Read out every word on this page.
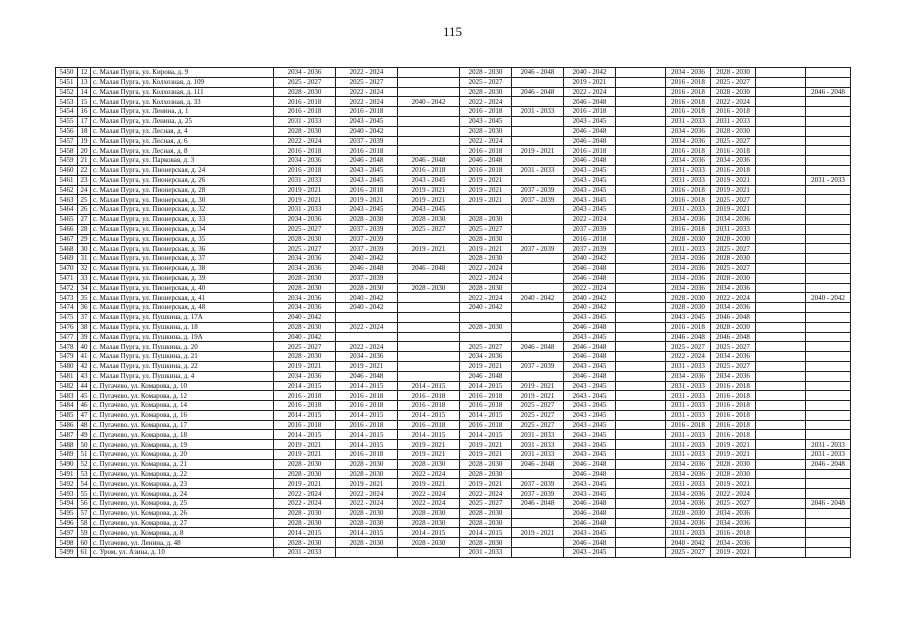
115
5450	12	с. Малая Пурга, ул. Кирова, д. 9	2034 - 2036	2022 - 2024		2028 - 2030	2046 - 2048	2040 - 2042		2034 - 2036	2028 - 2030		
5451	13	с. Малая Пурга, ул. Колхозная, д. 109	2025 - 2027	2025 - 2027		2025 - 2027		2019 - 2021		2016 - 2018	2025 - 2027		
5452	14	с. Малая Пурга, ул. Колхозная, д. 111	2028 - 2030	2022 - 2024		2028 - 2030	2046 - 2048	2022 - 2024		2016 - 2018	2028 - 2030		2046 - 2048
5453	15	с. Малая Пурга, ул. Колхозная, д. 33	2016 - 2018	2022 - 2024	2040 - 2042	2022 - 2024		2046 - 2048		2016 - 2018	2022 - 2024		
5454	16	с. Малая Пурга, ул. Ленина, д. 1	2016 - 2018	2016 - 2018		2016 - 2018	2031 - 2033	2016 - 2018		2016 - 2018	2016 - 2018		
5455	17	с. Малая Пурга, ул. Ленина, д. 25	2031 - 2033	2043 - 2045		2043 - 2045		2043 - 2045		2031 - 2033	2031 - 2033		
5456	18	с. Малая Пурга, ул. Лесная, д. 4	2028 - 2030	2040 - 2042		2028 - 2030		2046 - 2048		2034 - 2036	2028 - 2030		
5457	19	с. Малая Пурга, ул. Лесная, д. 6	2022 - 2024	2037 - 2039		2022 - 2024		2046 - 2048		2034 - 2036	2025 - 2027		
5458	20	с. Малая Пурга, ул. Лесная, д. 8	2016 - 2018	2016 - 2018		2016 - 2018	2019 - 2021	2016 - 2018		2016 - 2018	2016 - 2018		
5459	21	с. Малая Пурга, ул. Парковая, д. 3	2034 - 2036	2046 - 2048	2046 - 2048	2046 - 2048		2046 - 2048		2034 - 2036	2034 - 2036		
5460	22	с. Малая Пурга, ул. Пионерская, д. 24	2016 - 2018	2043 - 2045	2016 - 2018	2016 - 2018	2031 - 2033	2043 - 2045		2031 - 2033	2016 - 2018		
5461	23	с. Малая Пурга, ул. Пионерская, д. 26	2031 - 2033	2043 - 2045	2043 - 2045	2019 - 2021		2043 - 2045		2031 - 2033	2019 - 2021		2031 - 2033
5462	24	с. Малая Пурга, ул. Пионерская, д. 28	2019 - 2021	2016 - 2018	2019 - 2021	2019 - 2021	2037 - 2039	2043 - 2045		2016 - 2018	2019 - 2021		
5463	25	с. Малая Пурга, ул. Пионерская, д. 30	2019 - 2021	2019 - 2021	2019 - 2021	2019 - 2021	2037 - 2039	2043 - 2045		2016 - 2018	2025 - 2027		
5464	26	с. Малая Пурга, ул. Пионерская, д. 32	2031 - 2033	2043 - 2045	2043 - 2045			2043 - 2045		2031 - 2033	2019 - 2021		
5465	27	с. Малая Пурга, ул. Пионерская, д. 33	2034 - 2036	2028 - 2030	2028 - 2030	2028 - 2030		2022 - 2024		2034 - 2036	2034 - 2036		
5466	28	с. Малая Пурга, ул. Пионерская, д. 34	2025 - 2027	2037 - 2039	2025 - 2027	2025 - 2027		2037 - 2039		2016 - 2018	2031 - 2033		
5467	29	с. Малая Пурга, ул. Пионерская, д. 35	2028 - 2030	2037 - 2039		2028 - 2030		2016 - 2018		2028 - 2030	2028 - 2030		
5468	30	с. Малая Пурга, ул. Пионерская, д. 36	2025 - 2027	2037 - 2039	2019 - 2021	2019 - 2021	2037 - 2039	2037 - 2039		2031 - 2033	2025 - 2027		
5469	31	с. Малая Пурга, ул. Пионерская, д. 37	2034 - 2036	2040 - 2042		2028 - 2030		2040 - 2042		2034 - 2036	2028 - 2030		
5470	32	с. Малая Пурга, ул. Пионерская, д. 38	2034 - 2036	2046 - 2048	2046 - 2048	2022 - 2024		2046 - 2048		2034 - 2036	2025 - 2027		
5471	33	с. Малая Пурга, ул. Пионерская, д. 39	2028 - 2030	2037 - 2039		2022 - 2024		2046 - 2048		2034 - 2036	2028 - 2030		
5472	34	с. Малая Пурга, ул. Пионерская, д. 40	2028 - 2030	2028 - 2030	2028 - 2030	2028 - 2030		2022 - 2024		2034 - 2036	2034 - 2036		
5473	35	с. Малая Пурга, ул. Пионерская, д. 41	2034 - 2036	2040 - 2042		2022 - 2024	2040 - 2042	2040 - 2042		2028 - 2030	2022 - 2024		2040 - 2042
5474	36	с. Малая Пурга, ул. Пионерская, д. 48	2034 - 2036	2040 - 2042		2040 - 2042		2040 - 2042		2028 - 2030	2034 - 2036		
5475	37	с. Малая Пурга, ул. Пушкина, д. 17А	2040 - 2042					2043 - 2045		2043 - 2045	2046 - 2048		
5476	38	с. Малая Пурга, ул. Пушкина, д. 18	2028 - 2030	2022 - 2024		2028 - 2030		2046 - 2048		2016 - 2018	2028 - 2030		
5477	39	с. Малая Пурга, ул. Пушкина, д. 19А	2040 - 2042					2043 - 2045		2046 - 2048	2046 - 2048		
5478	40	с. Малая Пурга, ул. Пушкина, д. 20	2025 - 2027	2022 - 2024		2025 - 2027	2046 - 2048	2046 - 2048		2025 - 2027	2025 - 2027		
5479	41	с. Малая Пурга, ул. Пушкина, д. 21	2028 - 2030	2034 - 2036		2034 - 2036		2046 - 2048		2022 - 2024	2034 - 2036		
5480	42	с. Малая Пурга, ул. Пушкина, д. 22	2019 - 2021	2019 - 2021		2019 - 2021	2037 - 2039	2043 - 2045		2031 - 2033	2025 - 2027		
5481	43	с. Малая Пурга, ул. Пушкина, д. 4	2034 - 2036	2046 - 2048		2046 - 2048		2046 - 2048		2034 - 2036	2034 - 2036		
5482	44	с. Пугачево, ул. Комарова, д. 10	2014 - 2015	2014 - 2015	2014 - 2015	2014 - 2015	2019 - 2021	2043 - 2045		2031 - 2033	2016 - 2018		
5483	45	с. Пугачево, ул. Комарова, д. 12	2016 - 2018	2016 - 2018	2016 - 2018	2016 - 2018	2019 - 2021	2043 - 2045		2031 - 2033	2016 - 2018		
5484	46	с. Пугачево, ул. Комарова, д. 14	2016 - 2018	2016 - 2018	2016 - 2018	2016 - 2018	2025 - 2027	2043 - 2045		2031 - 2033	2016 - 2018		
5485	47	с. Пугачево, ул. Комарова, д. 16	2014 - 2015	2014 - 2015	2014 - 2015	2014 - 2015	2025 - 2027	2043 - 2045		2031 - 2033	2016 - 2018		
5486	48	с. Пугачево, ул. Комарова, д. 17	2016 - 2018	2016 - 2018	2016 - 2018	2016 - 2018	2025 - 2027	2043 - 2045		2016 - 2018	2016 - 2018		
5487	49	с. Пугачево, ул. Комарова, д. 18	2014 - 2015	2014 - 2015	2014 - 2015	2014 - 2015	2031 - 2033	2043 - 2045		2031 - 2033	2016 - 2018		
5488	50	с. Пугачево, ул. Комарова, д. 19	2019 - 2021	2014 - 2015	2019 - 2021	2019 - 2021	2031 - 2033	2043 - 2045		2031 - 2033	2019 - 2021		2031 - 2033
5489	51	с. Пугачево, ул. Комарова, д. 20	2019 - 2021	2016 - 2018	2019 - 2021	2019 - 2021	2031 - 2033	2043 - 2045		2031 - 2033	2019 - 2021		2031 - 2033
5490	52	с. Пугачево, ул. Комарова, д. 21	2028 - 2030	2028 - 2030	2028 - 2030	2028 - 2030	2046 - 2048	2046 - 2048		2034 - 2036	2028 - 2030		2046 - 2048
5491	53	с. Пугачево, ул. Комарова, д. 22	2028 - 2030	2028 - 2030	2022 - 2024	2028 - 2030		2046 - 2048		2034 - 2036	2028 - 2030		
5492	54	с. Пугачево, ул. Комарова, д. 23	2019 - 2021	2019 - 2021	2019 - 2021	2019 - 2021	2037 - 2039	2043 - 2045		2031 - 2033	2019 - 2021		
5493	55	с. Пугачево, ул. Комарова, д. 24	2022 - 2024	2022 - 2024	2022 - 2024	2022 - 2024	2037 - 2039	2043 - 2045		2034 - 2036	2022 - 2024		
5494	56	с. Пугачево, ул. Комарова, д. 25	2022 - 2024	2022 - 2024	2022 - 2024	2025 - 2027	2046 - 2048	2046 - 2048		2034 - 2036	2025 - 2027		2046 - 2048
5495	57	с. Пугачево, ул. Комарова, д. 26	2028 - 2030	2028 - 2030	2028 - 2030	2028 - 2030		2046 - 2048		2028 - 2030	2034 - 2036		
5496	58	с. Пугачево, ул. Комарова, д. 27	2028 - 2030	2028 - 2030	2028 - 2030	2028 - 2030		2046 - 2048		2034 - 2036	2034 - 2036		
5497	59	с. Пугачево, ул. Комарова, д. 8	2014 - 2015	2014 - 2015	2014 - 2015	2014 - 2015	2019 - 2021	2043 - 2045		2031 - 2033	2016 - 2018		
5498	60	с. Пугачево, ул. Ленина, д. 48	2028 - 2030	2028 - 2030	2028 - 2030	2028 - 2030		2046 - 2048		2040 - 2042	2034 - 2036		
5499	61	с. Уром, ул. Азина, д. 10	2031 - 2033			2031 - 2033		2043 - 2045		2025 - 2027	2019 - 2021		
